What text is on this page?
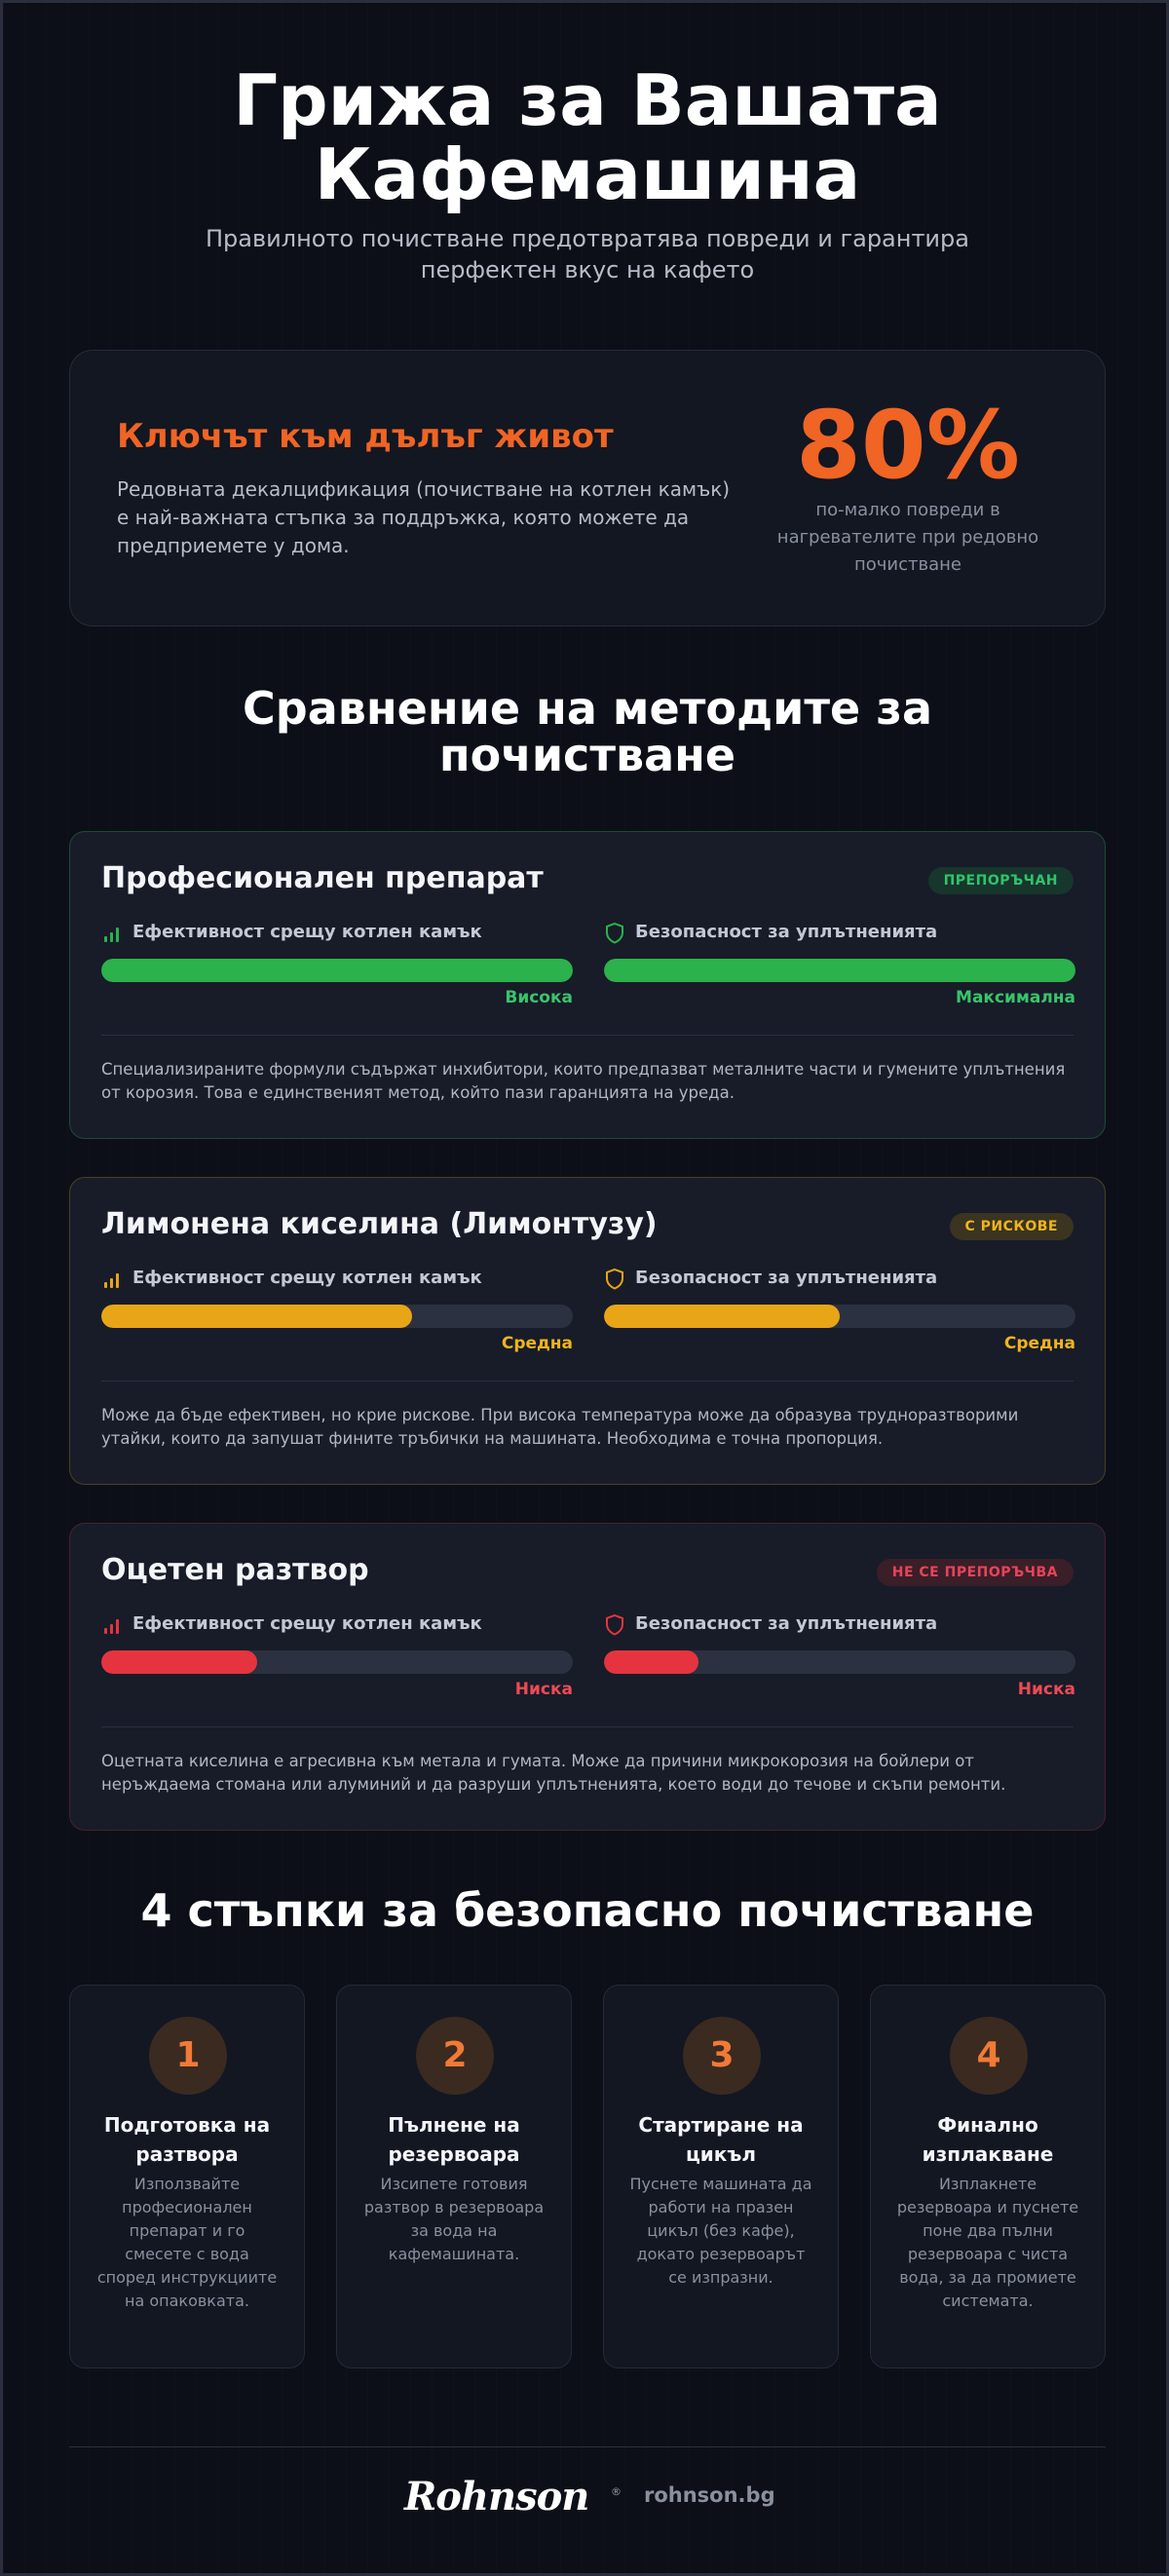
Грижа за Вашата
Кафемашина
Правилното почистване предотвратява повреди и гарантира
перфектен вкус на кафето
Ключът към дълъг живот
Редовната декалцификация (почистване на котлен камък) е най-важната стъпка за поддръжка, която можете да предприемете у дома.
80%
по-малко повреди в нагревателите при редовно почистване
Сравнение на методите за
почистване
Професионален препарат	ПРЕПОРЪЧАН
Ефективност срещу котлен камък
Висока
Безопасност за уплътненията
Максимална
Специализираните формули съдържат инхибитори, които предпазват металните части и гумените уплътнения от корозия. Това е единственият метод, който пази гаранцията на уреда.
Лимонена киселина (Лимонтузу)	С РИСКОВЕ
Ефективност срещу котлен камък
Средна
Безопасност за уплътненията
Средна
Може да бъде ефективен, но крие рискове. При висока температура може да образува трудноразтворими утайки, които да запушат фините тръбички на машината. Необходима е точна пропорция.
Оцетен разтвор	НЕ СЕ ПРЕПОРЪЧВА
Ефективност срещу котлен камък
Ниска
Безопасност за уплътненията
Ниска
Оцетната киселина е агресивна към метала и гумата. Може да причини микрокорозия на бойлери от неръждаема стомана или алуминий и да разруши уплътненията, което води до течове и скъпи ремонти.
4 стъпки за безопасно почистване
1
Подготовка на разтвора
Използвайте професионален препарат и го смесете с вода според инструкциите на опаковката.
2
Пълнене на резервоара
Изсипете готовия разтвор в резервоара за вода на кафемашината.
3
Стартиране на цикъл
Пуснете машината да работи на празен цикъл (без кафе), докато резервоарът се изпразни.
4
Финално изплакване
Изплакнете резервоара и пуснете поне два пълни резервоара с чиста вода, за да промиете системата.
Rohnson ® rohnson.bg
